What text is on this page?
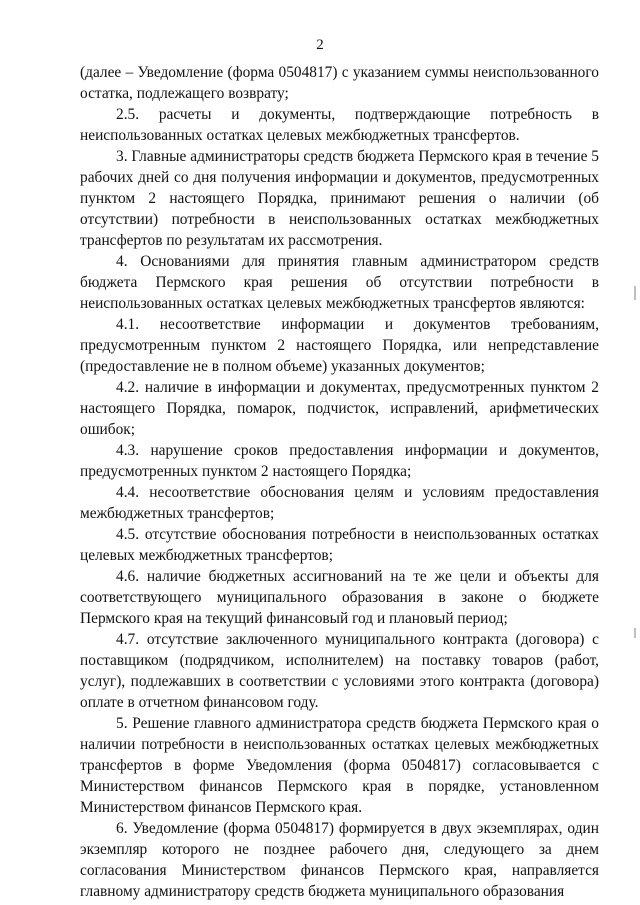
2

(далее – Уведомление (форма 0504817) с указанием суммы неиспользованного остатка, подлежащего возврату;

2.5. расчеты и документы, подтверждающие потребность в неиспользованных остатках целевых межбюджетных трансфертов.

3. Главные администраторы средств бюджета Пермского края в течение 5 рабочих дней со дня получения информации и документов, предусмотренных пунктом 2 настоящего Порядка, принимают решения о наличии (об отсутствии) потребности в неиспользованных остатках межбюджетных трансфертов по результатам их рассмотрения.

4. Основаниями для принятия главным администратором средств бюджета Пермского края решения об отсутствии потребности в неиспользованных остатках целевых межбюджетных трансфертов являются:

4.1. несоответствие информации и документов требованиям, предусмотренным пунктом 2 настоящего Порядка, или непредставление (предоставление не в полном объеме) указанных документов;

4.2. наличие в информации и документах, предусмотренных пунктом 2 настоящего Порядка, помарок, подчисток, исправлений, арифметических ошибок;

4.3. нарушение сроков предоставления информации и документов, предусмотренных пунктом 2 настоящего Порядка;

4.4. несоответствие обоснования целям и условиям предоставления межбюджетных трансфертов;

4.5. отсутствие обоснования потребности в неиспользованных остатках целевых межбюджетных трансфертов;

4.6. наличие бюджетных ассигнований на те же цели и объекты для соответствующего муниципального образования в законе о бюджете Пермского края на текущий финансовый год и плановый период;

4.7. отсутствие заключенного муниципального контракта (договора) с поставщиком (подрядчиком, исполнителем) на поставку товаров (работ, услуг), подлежавших в соответствии с условиями этого контракта (договора) оплате в отчетном финансовом году.

5. Решение главного администратора средств бюджета Пермского края о наличии потребности в неиспользованных остатках целевых межбюджетных трансфертов в форме Уведомления (форма 0504817) согласовывается с Министерством финансов Пермского края в порядке, установленном Министерством финансов Пермского края.

6. Уведомление (форма 0504817) формируется в двух экземплярах, один экземпляр которого не позднее рабочего дня, следующего за днем согласования Министерством финансов Пермского края, направляется главному администратору средств бюджета муниципального образования
